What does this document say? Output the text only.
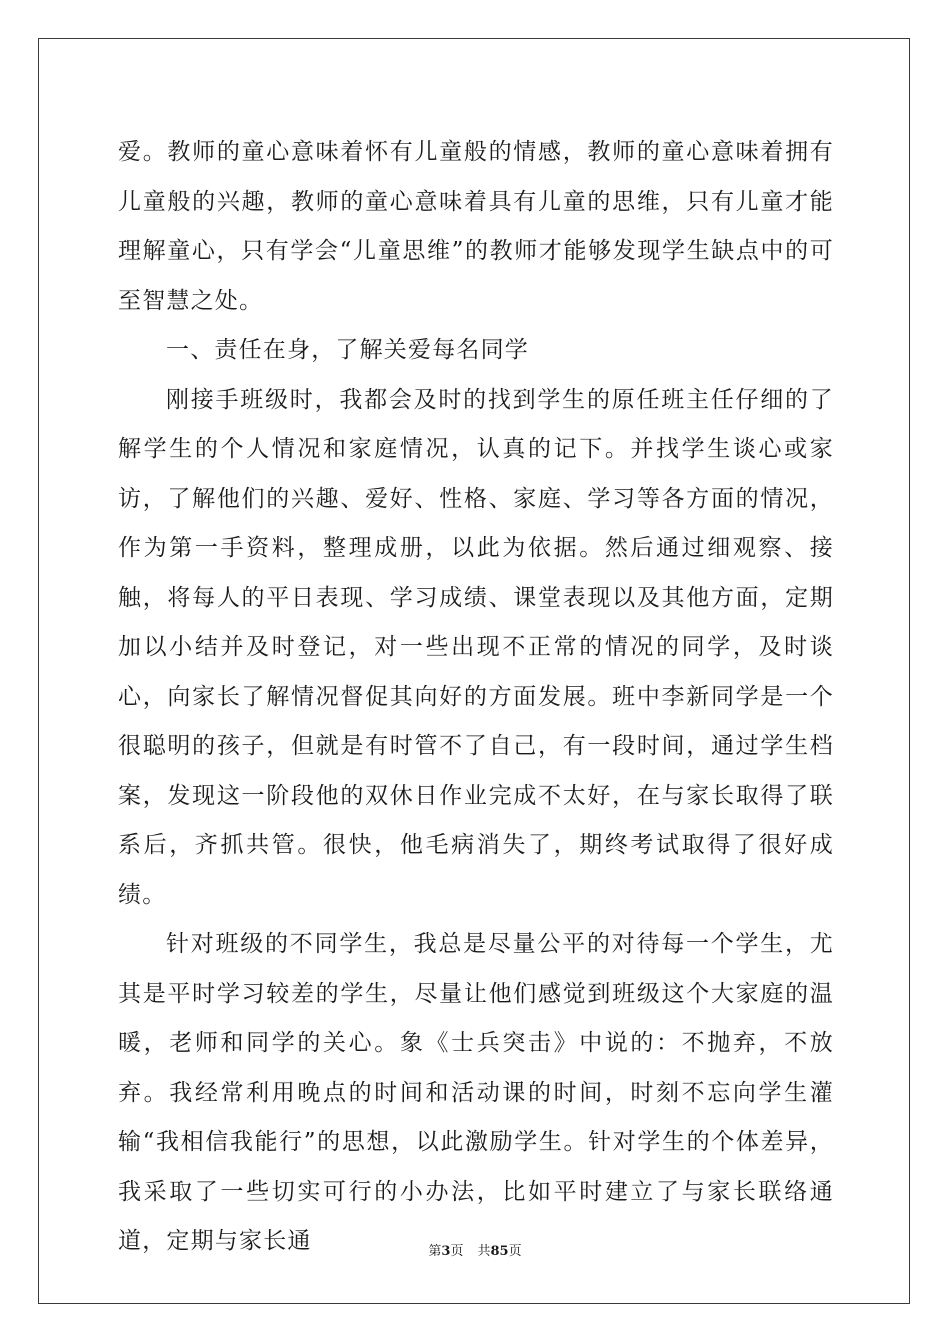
爱。教师的童心意味着怀有儿童般的情感，教师的童心意味着拥有儿童般的兴趣，教师的童心意味着具有儿童的思维，只有儿童才能理解童心，只有学会“儿童思维”的教师才能够发现学生缺点中的可至智慧之处。

一、责任在身，了解关爱每名同学

刚接手班级时，我都会及时的找到学生的原任班主任仔细的了解学生的个人情况和家庭情况，认真的记下。并找学生谈心或家访，了解他们的兴趣、爱好、性格、家庭、学习等各方面的情况，作为第一手资料，整理成册，以此为依据。然后通过细观察、接触，将每人的平日表现、学习成绩、课堂表现以及其他方面，定期加以小结并及时登记，对一些出现不正常的情况的同学，及时谈心，向家长了解情况督促其向好的方面发展。班中李新同学是一个很聪明的孩子，但就是有时管不了自己，有一段时间，通过学生档案，发现这一阶段他的双休日作业完成不太好，在与家长取得了联系后，齐抓共管。很快，他毛病消失了，期终考试取得了很好成绩。

针对班级的不同学生，我总是尽量公平的对待每一个学生，尤其是平时学习较差的学生，尽量让他们感觉到班级这个大家庭的温暖，老师和同学的关心。象《士兵突击》中说的：不抛弃，不放弃。我经常利用晚点的时间和活动课的时间，时刻不忘向学生灌输“我相信我能行”的思想，以此激励学生。针对学生的个体差异，我采取了一些切实可行的小办法，比如平时建立了与家长联络通道，定期与家长通	第3页 共85页
